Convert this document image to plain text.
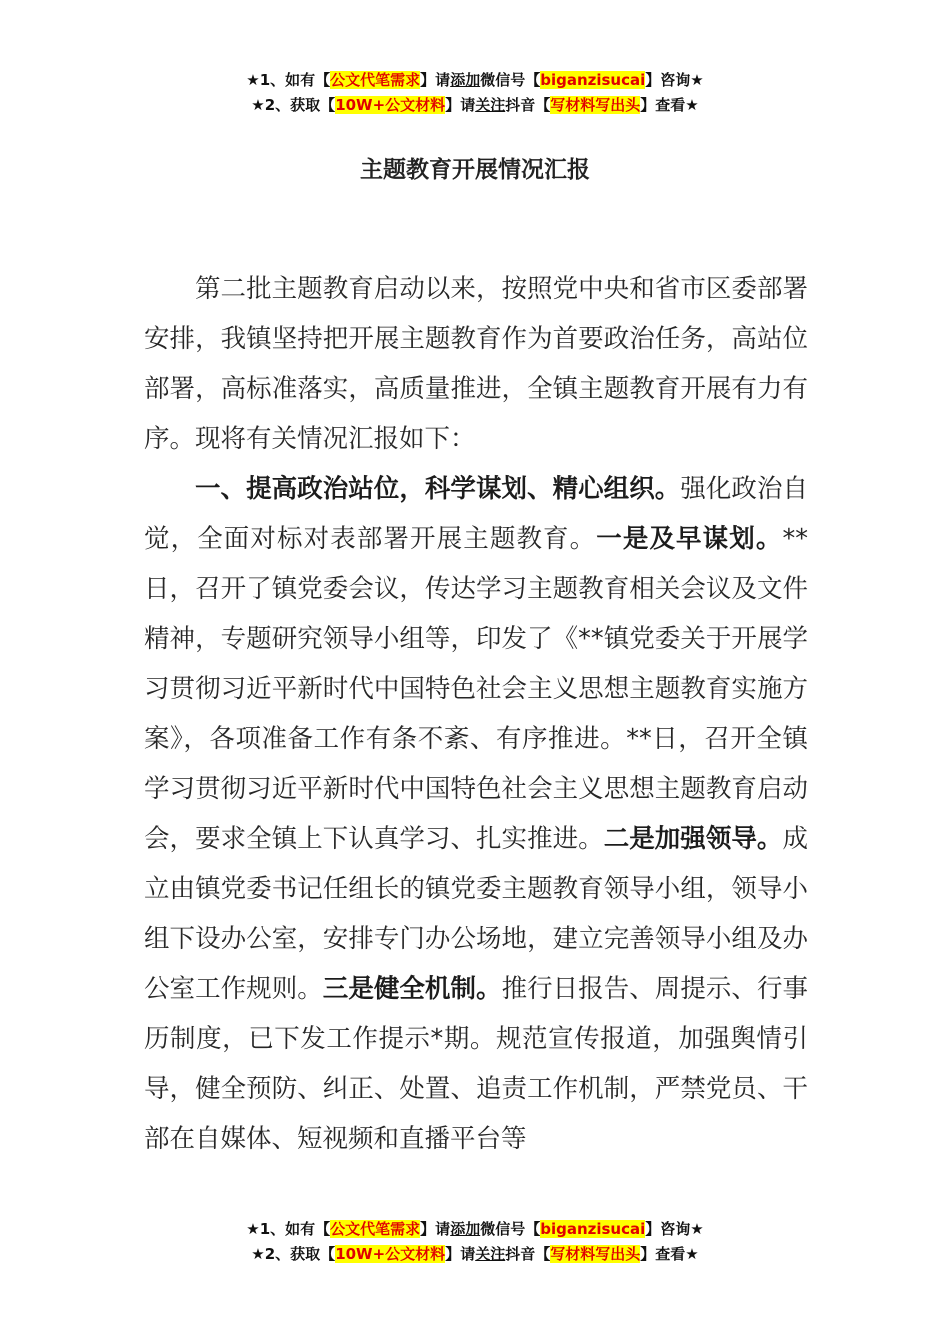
★1、如有【公文代笔需求】请添加微信号【biganzisucai】咨询★
★2、获取【10W+公文材料】请关注抖音【写材料写出头】查看★
主题教育开展情况汇报

第二批主题教育启动以来，按照党中央和省市区委部署安排，我镇坚持把开展主题教育作为首要政治任务，高站位部署，高标准落实，高质量推进，全镇主题教育开展有力有序。现将有关情况汇报如下：

一、提高政治站位，科学谋划、精心组织。强化政治自觉，全面对标对表部署开展主题教育。一是及早谋划。**日，召开了镇党委会议，传达学习主题教育相关会议及文件精神，专题研究领导小组等，印发了《**镇党委关于开展学习贯彻习近平新时代中国特色社会主义思想主题教育实施方案》，各项准备工作有条不紊、有序推进。**日，召开全镇学习贯彻习近平新时代中国特色社会主义思想主题教育启动会，要求全镇上下认真学习、扎实推进。二是加强领导。成立由镇党委书记任组长的镇党委主题教育领导小组，领导小组下设办公室，安排专门办公场地，建立完善领导小组及办公室工作规则。三是健全机制。推行日报告、周提示、行事历制度，已下发工作提示*期。规范宣传报道，加强舆情引导，健全预防、纠正、处置、追责工作机制，严禁党员、干部在自媒体、短视频和直播平台等

★1、如有【公文代笔需求】请添加微信号【biganzisucai】咨询★
★2、获取【10W+公文材料】请关注抖音【写材料写出头】查看★
